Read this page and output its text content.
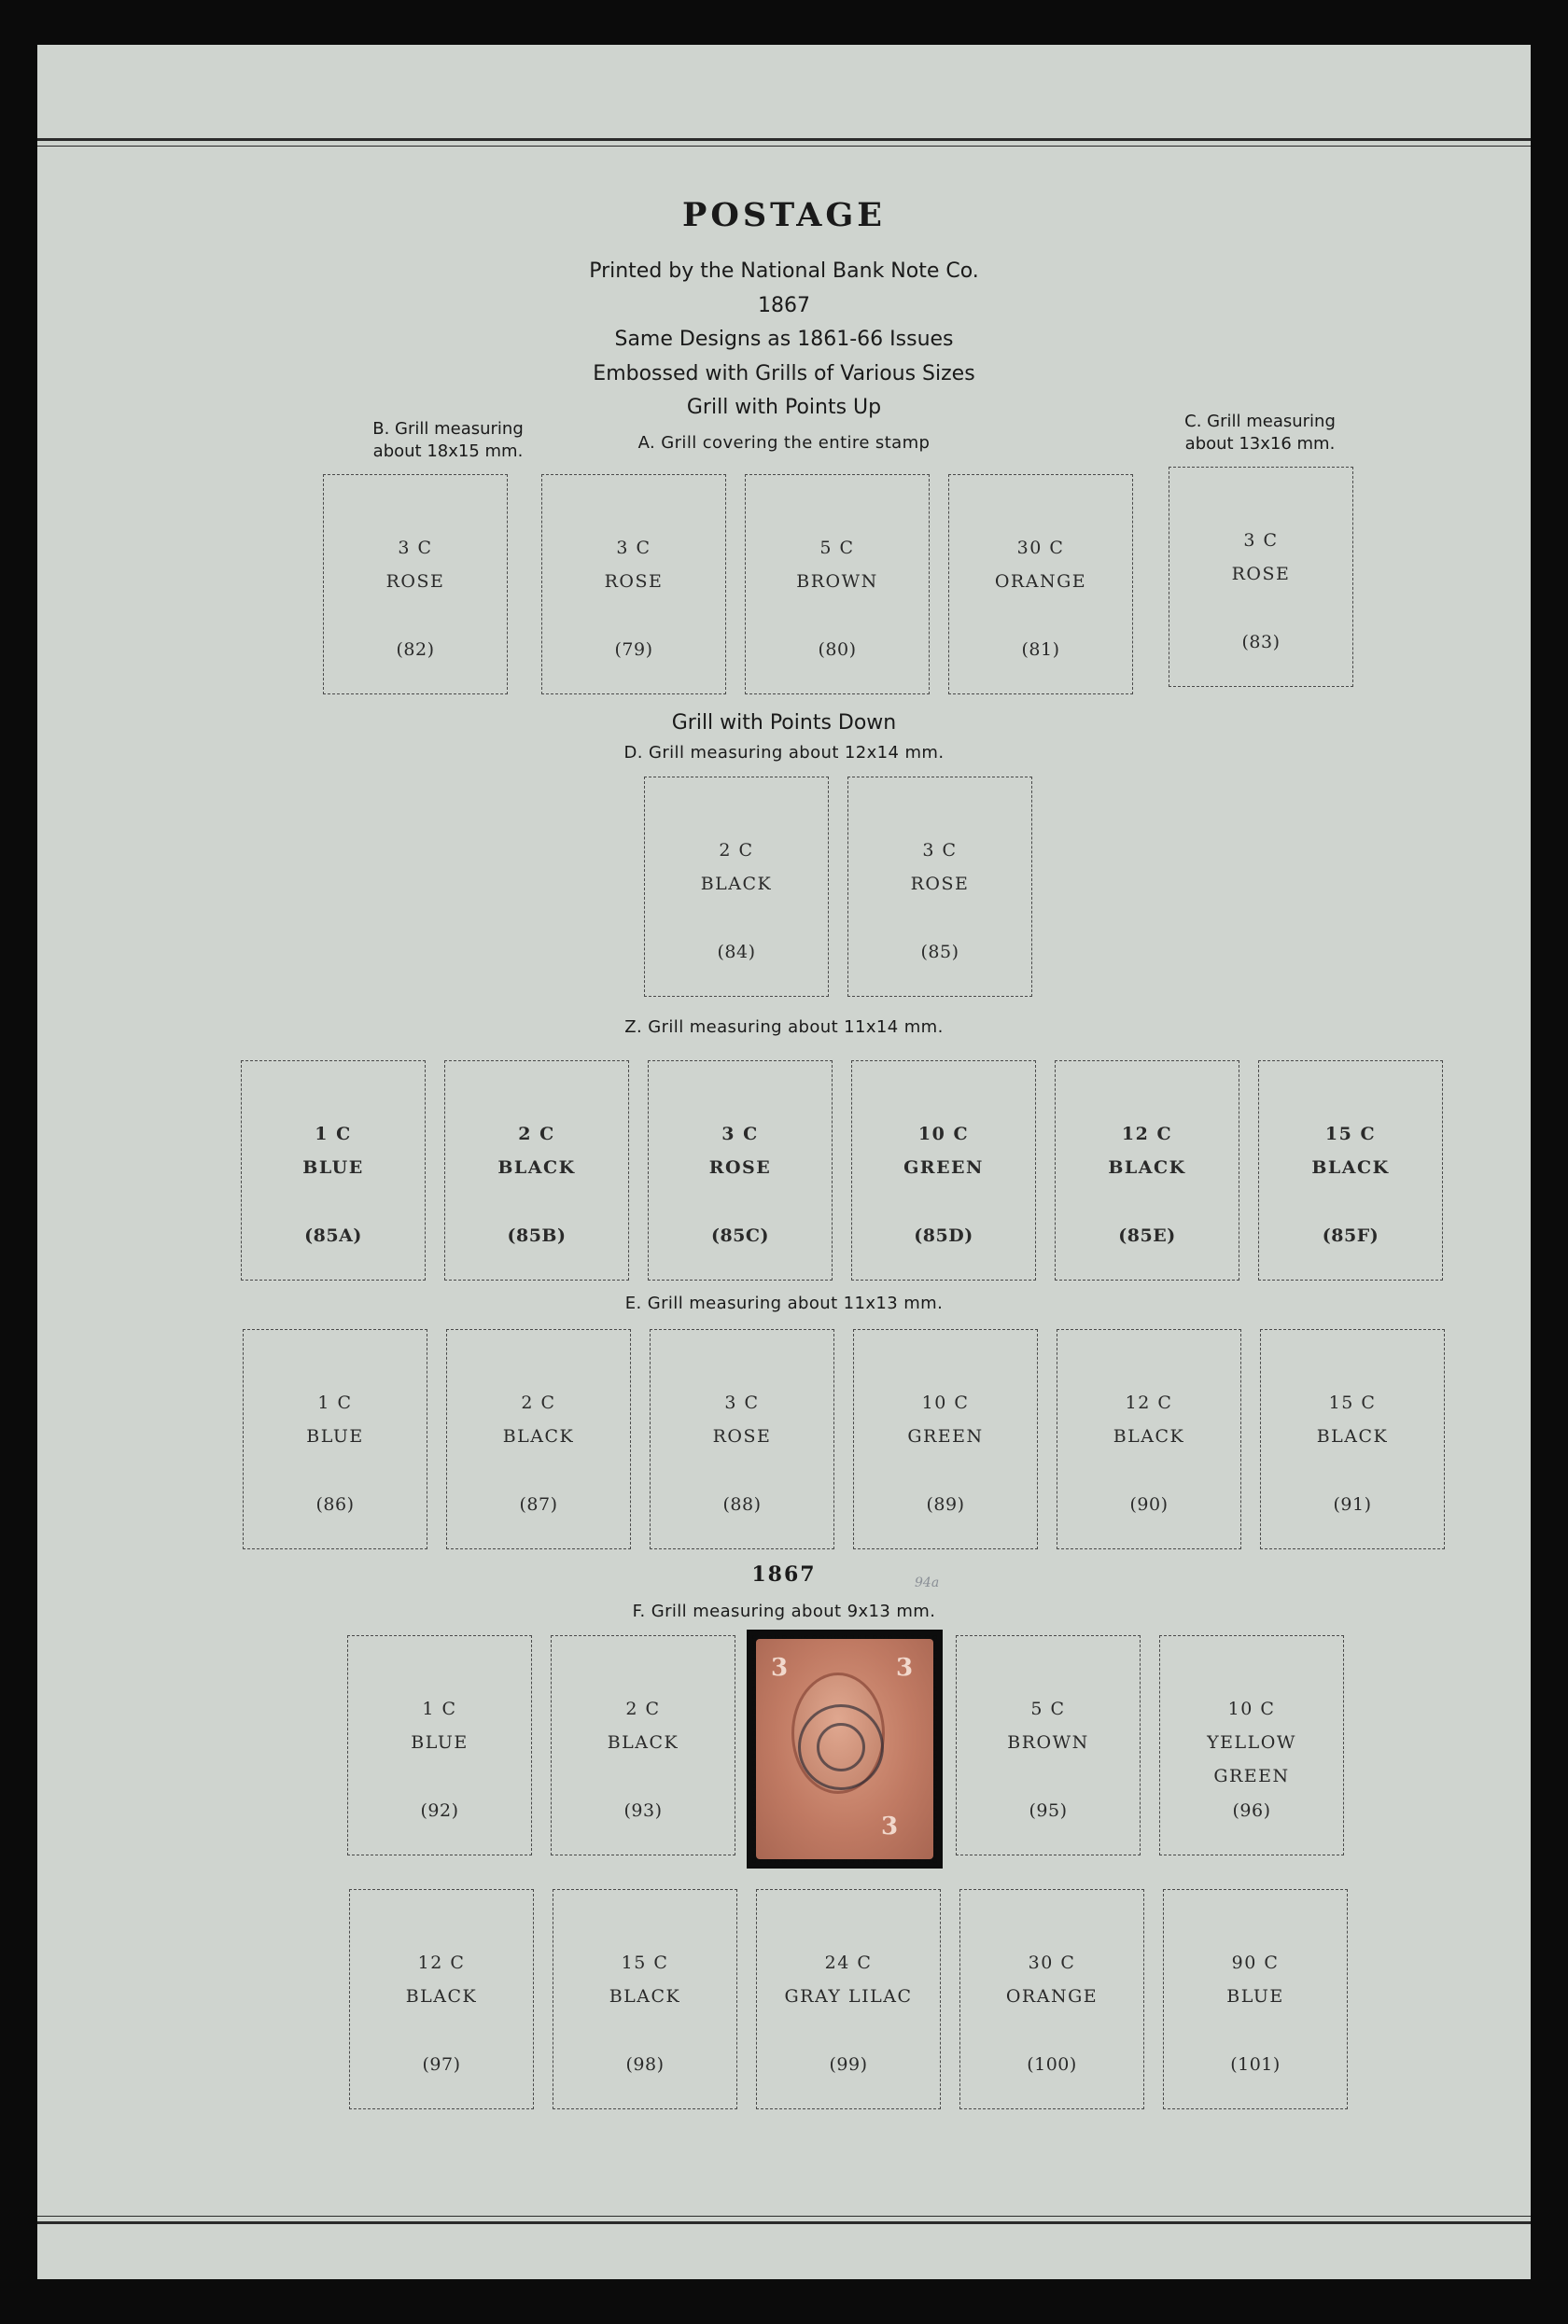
POSTAGE
Printed by the National Bank Note Co.
1867
Same Designs as 1861-66 Issues
Embossed with Grills of Various Sizes
Grill with Points Up
B. Grill measuring
about 18x15 mm.	A. Grill covering the entire stamp
C. Grill measuring
about 13x16 mm.
3 C
ROSE
(82)
3 C
ROSE
(79)
5 C
BROWN
(80)
30 C
ORANGE
(81)
3 C
ROSE
(83)
Grill with Points Down
D. Grill measuring about 12x14 mm.
2 C
BLACK
(84)
3 C
ROSE
(85)
Z. Grill measuring about 11x14 mm.
1 C
BLUE
(85A)
2 C
BLACK
(85B)
3 C
ROSE
(85C)
10 C
GREEN
(85D)
12 C
BLACK
(85E)
15 C
BLACK
(85F)
E. Grill measuring about 11x13 mm.
1 C
BLUE
(86)
2 C
BLACK
(87)
3 C
ROSE
(88)
10 C
GREEN
(89)
12 C
BLACK
(90)
15 C
BLACK
(91)
1867	94a
F. Grill measuring about 9x13 mm.
1 C
BLUE
(92)
2 C
BLACK
(93)
5 C
BROWN
(95)
10 C
YELLOW
GREEN
(96)
12 C
BLACK
(97)
15 C
BLACK
(98)
24 C
GRAY LILAC
(99)
30 C
ORANGE
(100)
90 C
BLUE
(101)
3	3
3
